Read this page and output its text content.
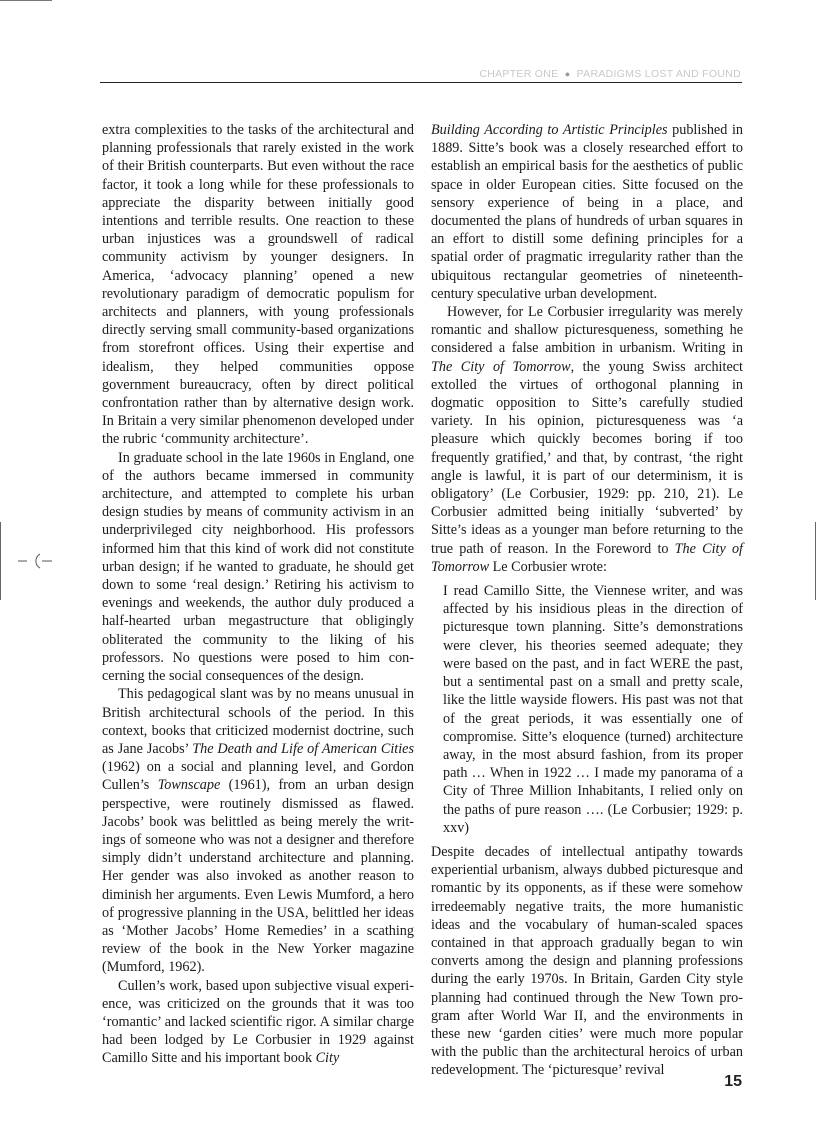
CHAPTER ONE ● PARADIGMS LOST AND FOUND

extra complexities to the tasks of the architectural and planning professionals that rarely existed in the work of their British counterparts. But even without the race factor, it took a long while for these professionals to appreciate the disparity between initially good intentions and terrible results. One reaction to these urban injustices was a groundswell of radical community activism by younger designers. In America, ‘advocacy planning’ opened a new revolutionary paradigm of democratic populism for architects and planners, with young professionals directly serving small community-based organizations from storefront offices. Using their expertise and idealism, they helped communities oppose government bureaucracy, often by direct political confrontation rather than by alternative design work. In Britain a very similar phenomenon developed under the rubric ‘community architecture’.

In graduate school in the late 1960s in England, one of the authors became immersed in community architecture, and attempted to complete his urban design studies by means of community activism in an underprivileged city neighborhood. His professors informed him that this kind of work did not constitute urban design; if he wanted to graduate, he should get down to some ‘real design.’ Retiring his activism to evenings and weekends, the author duly produced a half-hearted urban megastructure that obligingly obliterated the community to the liking of his professors. No questions were posed to him concerning the social consequences of the design.

This pedagogical slant was by no means unusual in British architectural schools of the period. In this context, books that criticized modernist doctrine, such as Jane Jacobs’ The Death and Life of American Cities (1962) on a social and planning level, and Gordon Cullen’s Townscape (1961), from an urban design perspective, were routinely dismissed as flawed. Jacobs’ book was belittled as being merely the writings of someone who was not a designer and therefore simply didn’t understand architecture and planning. Her gender was also invoked as another reason to diminish her arguments. Even Lewis Mumford, a hero of progressive planning in the USA, belittled her ideas as ‘Mother Jacobs’ Home Remedies’ in a scathing review of the book in the New Yorker magazine (Mumford, 1962).

Cullen’s work, based upon subjective visual experience, was criticized on the grounds that it was too ‘romantic’ and lacked scientific rigor. A similar charge had been lodged by Le Corbusier in 1929 against Camillo Sitte and his important book City

Building According to Artistic Principles published in 1889. Sitte’s book was a closely researched effort to establish an empirical basis for the aesthetics of public space in older European cities. Sitte focused on the sensory experience of being in a place, and documented the plans of hundreds of urban squares in an effort to distill some defining principles for a spatial order of pragmatic irregularity rather than the ubiquitous rectangular geometries of nineteenth-century speculative urban development.

However, for Le Corbusier irregularity was merely romantic and shallow picturesqueness, something he considered a false ambition in urbanism. Writing in The City of Tomorrow, the young Swiss architect extolled the virtues of orthogonal planning in dogmatic opposition to Sitte’s carefully studied variety. In his opinion, picturesqueness was ‘a pleasure which quickly becomes boring if too frequently gratified,’ and that, by contrast, ‘the right angle is lawful, it is part of our determinism, it is obligatory’ (Le Corbusier, 1929: pp. 210, 21). Le Corbusier admitted being initially ‘subverted’ by Sitte’s ideas as a younger man before returning to the true path of reason. In the Foreword to The City of Tomorrow Le Corbusier wrote:

I read Camillo Sitte, the Viennese writer, and was affected by his insidious pleas in the direction of picturesque town planning. Sitte’s demonstrations were clever, his theories seemed adequate; they were based on the past, and in fact WERE the past, but a sentimental past on a small and pretty scale, like the little wayside flowers. His past was not that of the great periods, it was essentially one of compromise. Sitte’s eloquence (turned) architecture away, in the most absurd fashion, from its proper path … When in 1922 … I made my panorama of a City of Three Million Inhabitants, I relied only on the paths of pure reason …. (Le Corbusier; 1929: p. xxv)

Despite decades of intellectual antipathy towards experiential urbanism, always dubbed picturesque and romantic by its opponents, as if these were somehow irredeemably negative traits, the more humanistic ideas and the vocabulary of human-scaled spaces contained in that approach gradually began to win converts among the design and planning professions during the early 1970s. In Britain, Garden City style planning had continued through the New Town program after World War II, and the environments in these new ‘garden cities’ were much more popular with the public than the architectural heroics of urban redevelopment. The ‘picturesque’ revival

15
